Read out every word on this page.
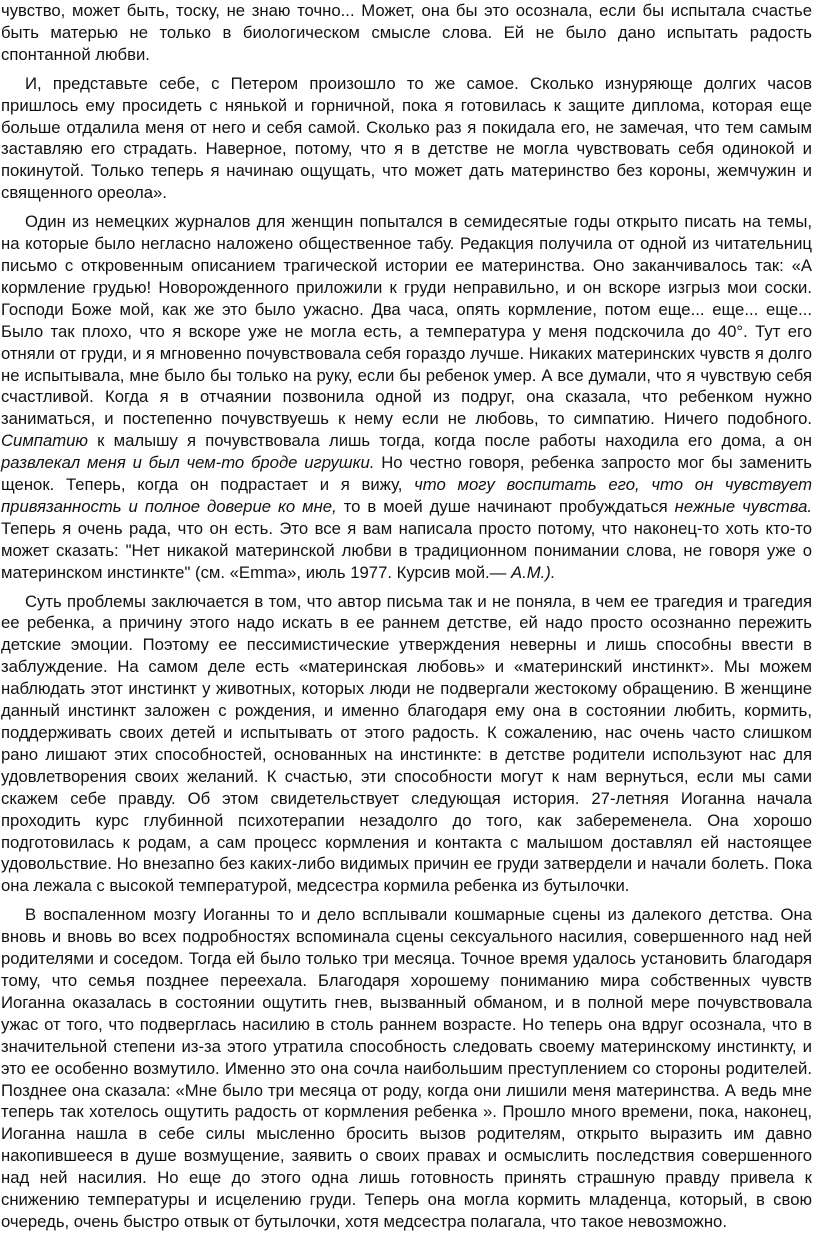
чувство, может быть, тоску, не знаю точно... Может, она бы это осознала, если бы испытала счастье быть матерью не только в биологическом смысле слова. Ей не было дано испытать радость спонтанной любви.

И, представьте себе, с Петером произошло то же самое. Сколько изнуряюще долгих часов пришлось ему просидеть с нянькой и горничной, пока я готовилась к защите диплома, которая еще больше отдалила меня от него и себя самой. Сколько раз я покидала его, не замечая, что тем самым заставляю его страдать. Наверное, потому, что я в детстве не могла чувствовать себя одинокой и покинутой. Только теперь я начинаю ощущать, что может дать материнство без короны, жемчужин и священного ореола».

Один из немецких журналов для женщин попытался в семидесятые годы открыто писать на темы, на которые было негласно наложено общественное табу. Редакция получила от одной из читательниц письмо с откровенным описанием трагической истории ее материнства. Оно заканчивалось так: «А кормление грудью! Новорожденного приложили к груди неправильно, и он вскоре изгрыз мои соски. Господи Боже мой, как же это было ужасно. Два часа, опять кормление, потом еще... еще... еще... Было так плохо, что я вскоре уже не могла есть, а температура у меня подскочила до 40°. Тут его отняли от груди, и я мгновенно почувствовала себя гораздо лучше. Никаких материнских чувств я долго не испытывала, мне было бы только на руку, если бы ребенок умер. А все думали, что я чувствую себя счастливой. Когда я в отчаянии позвонила одной из подруг, она сказала, что ребенком нужно заниматься, и постепенно почувствуешь к нему если не любовь, то симпатию. Ничего подобного. Симпатию к малышу я почувствовала лишь тогда, когда после работы находила его дома, а он развлекал меня и был чем-то броде игрушки. Но честно говоря, ребенка запросто мог бы заменить щенок. Теперь, когда он подрастает и я вижу, что могу воспитать его, что он чувствует привязанность и полное доверие ко мне, то в моей душе начинают пробуждаться нежные чувства. Теперь я очень рада, что он есть. Это все я вам написала просто потому, что наконец-то хоть кто-то может сказать: "Нет никакой материнской любви в традиционном понимании слова, не говоря уже о материнском инстинкте" (см. «Emma», июль 1977. Курсив мой.— А.М.).

Суть проблемы заключается в том, что автор письма так и не поняла, в чем ее трагедия и трагедия ее ребенка, а причину этого надо искать в ее раннем детстве, ей надо просто осознанно пережить детские эмоции. Поэтому ее пессимистические утверждения неверны и лишь способны ввести в заблуждение. На самом деле есть «материнская любовь» и «материнский инстинкт». Мы можем наблюдать этот инстинкт у животных, которых люди не подвергали жестокому обращению. В женщине данный инстинкт заложен с рождения, и именно благодаря ему она в состоянии любить, кормить, поддерживать своих детей и испытывать от этого радость. К сожалению, нас очень часто слишком рано лишают этих способностей, основанных на инстинкте: в детстве родители используют нас для удовлетворения своих желаний. К счастью, эти способности могут к нам вернуться, если мы сами скажем себе правду. Об этом свидетельствует следующая история. 27-летняя Иоганна начала проходить курс глубинной психотерапии незадолго до того, как забеременела. Она хорошо подготовилась к родам, а сам процесс кормления и контакта с малышом доставлял ей настоящее удовольствие. Но внезапно без каких-либо видимых причин ее груди затвердели и начали болеть. Пока она лежала с высокой температурой, медсестра кормила ребенка из бутылочки.

В воспаленном мозгу Иоганны то и дело всплывали кошмарные сцены из далекого детства. Она вновь и вновь во всех подробностях вспоминала сцены сексуального насилия, совершенного над ней родителями и соседом. Тогда ей было только три месяца. Точное время удалось установить благодаря тому, что семья позднее переехала. Благодаря хорошему пониманию мира собственных чувств Иоганна оказалась в состоянии ощутить гнев, вызванный обманом, и в полной мере почувствовала ужас от того, что подверглась насилию в столь раннем возрасте. Но теперь она вдруг осознала, что в значительной степени из-за этого утратила способность следовать своему материнскому инстинкту, и это ее особенно возмутило. Именно это она сочла наибольшим преступлением со стороны родителей. Позднее она сказала: «Мне было три месяца от роду, когда они лишили меня материнства. А ведь мне теперь так хотелось ощутить радость от кормления ребенка ». Прошло много времени, пока, наконец, Иоганна нашла в себе силы мысленно бросить вызов родителям, открыто выразить им давно накопившееся в душе возмущение, заявить о своих правах и осмыслить последствия совершенного над ней насилия. Но еще до этого одна лишь готовность принять страшную правду привела к снижению температуры и исцелению груди. Теперь она могла кормить младенца, который, в свою очередь, очень быстро отвык от бутылочки, хотя медсестра полагала, что такое невозможно.
